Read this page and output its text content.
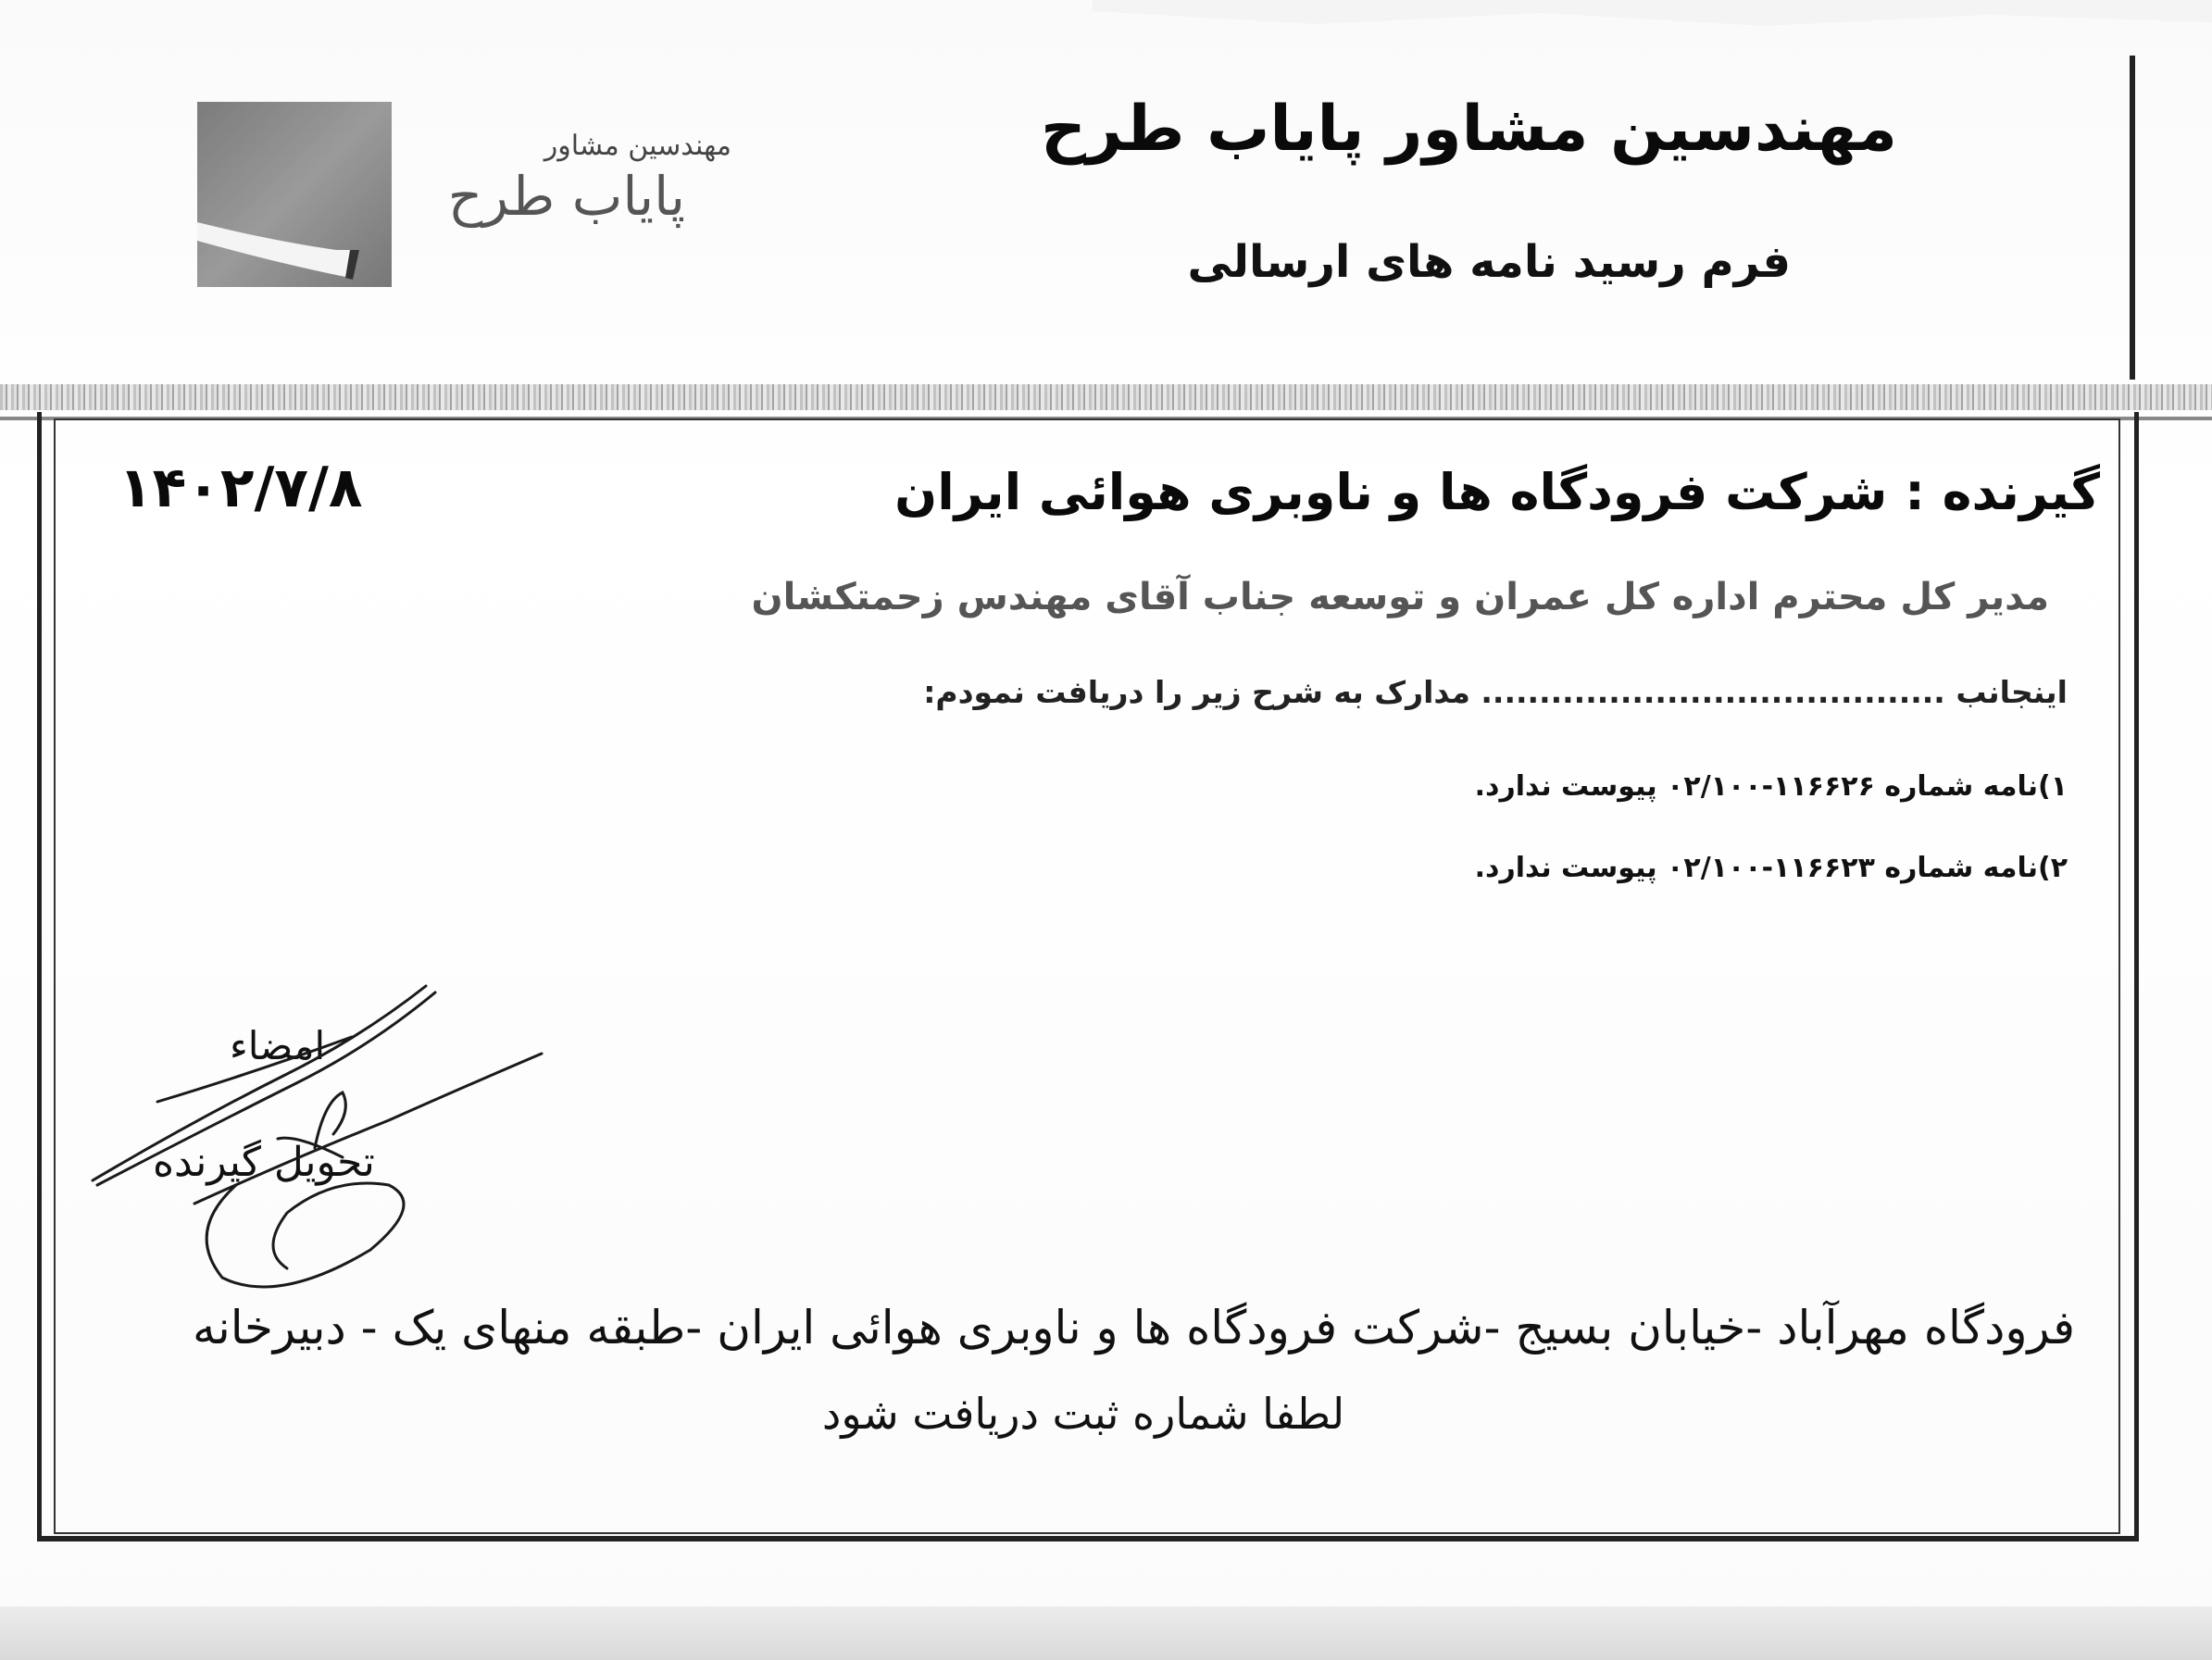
مهندسین مشاور پایاب طرح
فرم رسید نامه های ارسالی
مهندسین مشاور
پایاب طرح
گیرنده : شرکت فرودگاه ها و ناوبری هوائی ایران
۱۴۰۲/۷/۸
مدیر کل محترم اداره کل عمران و توسعه جناب آقای مهندس زحمتکشان
اینجانب ........................................ مدارک به شرح زیر را دریافت نمودم:
۱)نامه شماره ۱۱۶۶۲۶-۰۲/۱۰۰ پیوست ندارد.
۲)نامه شماره ۱۱۶۶۲۳-۰۲/۱۰۰ پیوست ندارد.
امضاء
تحویل گیرنده
فرودگاه مهرآباد -خیابان بسیج -شرکت فرودگاه ها و ناوبری هوائی ایران -طبقه منهای یک - دبیرخانه
لطفا شماره ثبت دریافت شود
